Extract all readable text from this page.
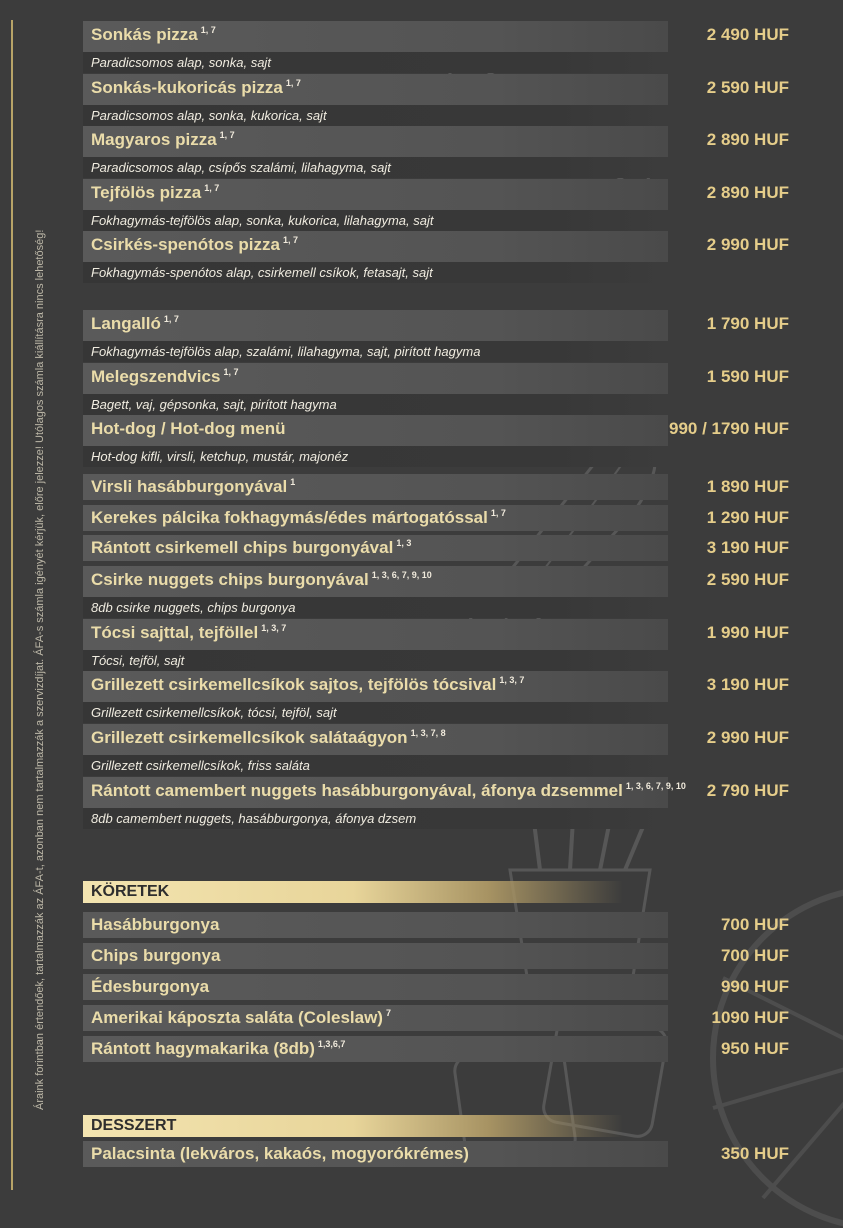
Áraink forintban értendőek, tartalmazzák az ÁFA-t, azonban nem tartalmazzák a szervizdíjat. ÁFA-s számla igényét kérjük, előre jelezze! Utólagos számla kiállításra nincs lehetőség!
Sonkás pizza $^{1, 7}$	2 490 HUF
Paradicsomos alap, sonka, sajt
Sonkás-kukoricás pizza $^{1, 7}$	2 590 HUF
Paradicsomos alap, sonka, kukorica, sajt
Magyaros pizza $^{1, 7}$	2 890 HUF
Paradicsomos alap, csípős szalámi, lilahagyma, sajt
Tejfölös pizza $^{1, 7}$	2 890 HUF
Fokhagymás-tejfölös alap, sonka, kukorica, lilahagyma, sajt
Csirkés-spenótos pizza $^{1, 7}$	2 990 HUF
Fokhagymás-spenótos alap, csirkemell csíkok, fetasajt, sajt
Langalló $^{1, 7}$	1 790 HUF
Fokhagymás-tejfölös alap, szalámi, lilahagyma, sajt, pirított hagyma
Melegszendvics $^{1, 7}$	1 590 HUF
Bagett, vaj, gépsonka, sajt, pirított hagyma
Hot-dog / Hot-dog menü	990 / 1790 HUF
Hot-dog kifli, virsli, ketchup, mustár, majonéz
Virsli hasábburgonyával $^1$	1 890 HUF
Kerekes pálcika fokhagymás/édes mártogatóssal $^{1, 7}$	1 290 HUF
Rántott csirkemell chips burgonyával $^{1, 3}$	3 190 HUF
Csirke nuggets chips burgonyával $^{1, 3, 6, 7, 9, 10}$	2 590 HUF
8db csirke nuggets, chips burgonya
Tócsi sajttal, tejföllel $^{1, 3, 7}$	1 990 HUF
Tócsi, tejföl, sajt
Grillezett csirkemellcsíkok sajtos, tejfölös tócsival $^{1, 3, 7}$	3 190 HUF
Grillezett csirkemellcsíkok, tócsi, tejföl, sajt
Grillezett csirkemellcsíkok salátaágyon $^{1, 3, 7, 8}$	2 990 HUF
Grillezett csirkemellcsíkok, friss saláta
Rántott camembert nuggets hasábburgonyával, áfonya dzsemmel $^{1, 3, 6, 7, 9, 10}$ 2 790 HUF
8db camembert nuggets, hasábburgonya, áfonya dzsem
KÖRETEK
Hasábburgonya	700 HUF
Chips burgonya	700 HUF
Édesburgonya	990 HUF
Amerikai káposzta saláta (Coleslaw) $^7$	1090 HUF
Rántott hagymakarika (8db) $^{1,3,6,7}$	950 HUF
DESSZERT
Palacsinta (lekváros, kakaós, mogyorókrémes)	350 HUF
